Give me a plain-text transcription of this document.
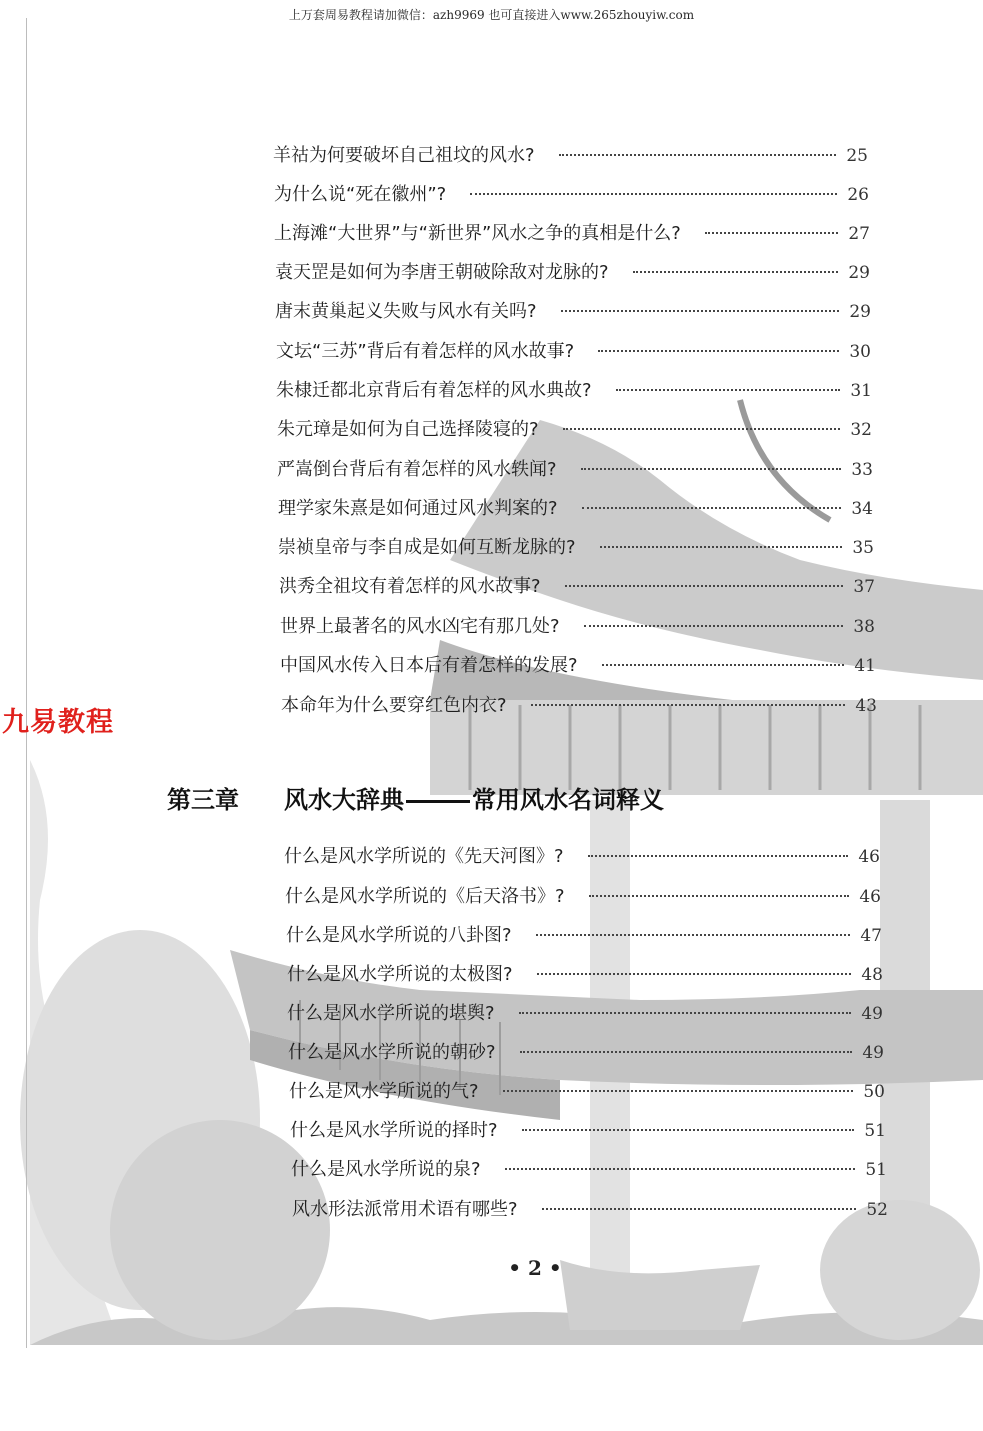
上万套周易教程请加微信：azh9969 也可直接进入www.265zhouyiw.com
九易教程
羊祜为何要破坏自己祖坟的风水?	25
为什么说“死在徽州”?	26
上海滩“大世界”与“新世界”风水之争的真相是什么?	27
袁天罡是如何为李唐王朝破除敌对龙脉的?	29
唐末黄巢起义失败与风水有关吗?	29
文坛“三苏”背后有着怎样的风水故事?	30
朱棣迁都北京背后有着怎样的风水典故?	31
朱元璋是如何为自己选择陵寝的?	32
严嵩倒台背后有着怎样的风水轶闻?	33
理学家朱熹是如何通过风水判案的?	34
崇祯皇帝与李自成是如何互断龙脉的?	35
洪秀全祖坟有着怎样的风水故事?	37
世界上最著名的风水凶宅有那几处?	38
中国风水传入日本后有着怎样的发展?	41
本命年为什么要穿红色内衣?	43
第三章 风水大辞典	常用风水名词释义
什么是风水学所说的《先天河图》?	46
什么是风水学所说的《后天洛书》?	46
什么是风水学所说的八卦图?	47
什么是风水学所说的太极图?	48
什么是风水学所说的堪舆?	49
什么是风水学所说的朝砂?	49
什么是风水学所说的气?	50
什么是风水学所说的择时?	51
什么是风水学所说的泉?	51
风水形法派常用术语有哪些?	52
• 2 •
